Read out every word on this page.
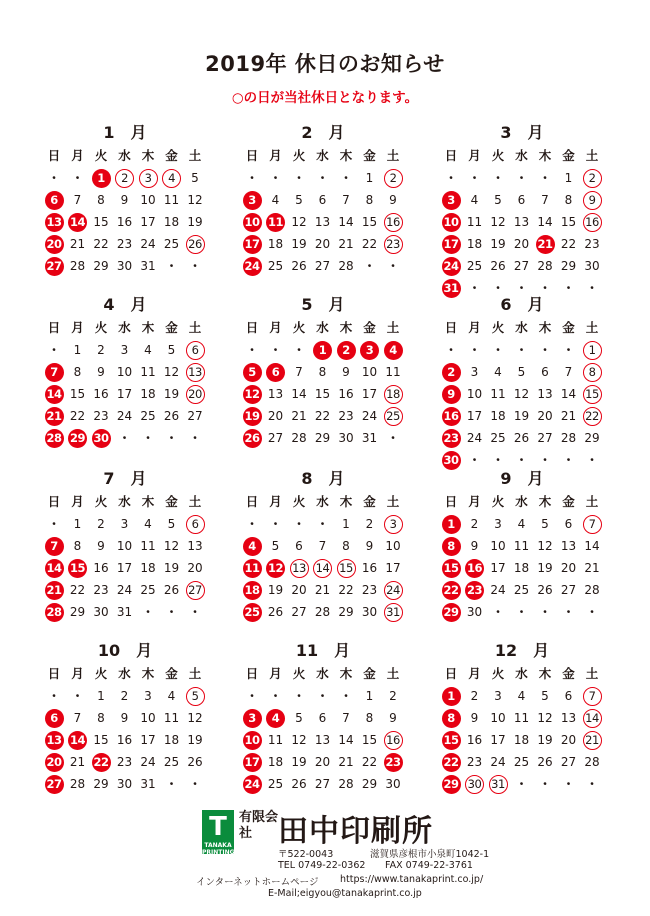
2019年 休日のお知らせ
○の日が当社休日となります。
1　月
日 月 火 水 木 金 土
・ ・	1	2	3	4	5
6	7	8	9	10 11 12
13 14 15 16 17 18 19
20 21 22 23 24 25 26
27 28 29 30 31 ・ ・
2　月
日 月 火 水 木 金 土
・ ・ ・ ・ ・	1	2
3	4	5	6	7	8	9
10 11 12 13 14 15 16
17 18 19 20 21 22 23
24 25 26 27 28 ・ ・
3　月
日 月 火 水 木 金 土
・ ・ ・ ・ ・	1	2
3	4	5	6	7	8	9
10 11 12 13 14 15 16
17 18 19 20 21 22 23
24 25 26 27 28 29 30
31 ・ ・ ・ ・ ・ ・
4　月
日 月 火 水 木 金 土
・	1	2	3	4	5	6
7	8	9	10 11 12 13
14 15 16 17 18 19 20
21 22 23 24 25 26 27
28 29 30 ・ ・ ・ ・
5　月
日 月 火 水 木 金 土
・ ・ ・	1	2	3	4
5	6	7	8	9	10 11
12 13 14 15 16 17 18
19 20 21 22 23 24 25
26 27 28 29 30 31 ・
6　月
日 月 火 水 木 金 土
・ ・ ・ ・ ・ ・	1
2	3	4	5	6	7	8
9	10 11 12 13 14 15
16 17 18 19 20 21 22
23 24 25 26 27 28 29
30 ・ ・ ・ ・ ・ ・
7　月
日 月 火 水 木 金 土
・	1	2	3	4	5	6
7	8	9	10 11 12 13
14 15 16 17 18 19 20
21 22 23 24 25 26 27
28 29 30 31 ・ ・ ・
8　月
日 月 火 水 木 金 土
・ ・ ・ ・	1	2	3
4	5	6	7	8	9	10
11 12 13 14 15 16 17
18 19 20 21 22 23 24
25 26 27 28 29 30 31
9　月
日 月 火 水 木 金 土
1	2	3	4	5	6	7
8	9	10 11 12 13 14
15 16 17 18 19 20 21
22 23 24 25 26 27 28
29 30 ・ ・ ・ ・ ・
10　月
日 月 火 水 木 金 土
・ ・	1	2	3	4	5
6	7	8	9	10 11 12
13 14 15 16 17 18 19
20 21 22 23 24 25 26
27 28 29 30 31 ・ ・
11　月
日 月 火 水 木 金 土
・ ・ ・ ・ ・	1	2
3	4	5	6	7	8	9
10 11 12 13 14 15 16
17 18 19 20 21 22 23
24 25 26 27 28 29 30
12　月
日 月 火 水 木 金 土
1	2	3	4	5	6	7
8	9	10 11 12 13 14
15 16 17 18 19 20 21
22 23 24 25 26 27 28
29 30 31 ・ ・ ・ ・
T
TANAKA PRINTING CO.,LTD.
有限会社 田中印刷所
〒522-0043	滋賀県彦根市小泉町1042-1
TEL 0749-22-0362 FAX 0749-22-3761
インターネットホームページ https://www.tanakaprint.co.jp/
E-Mail;eigyou@tanakaprint.co.jp
